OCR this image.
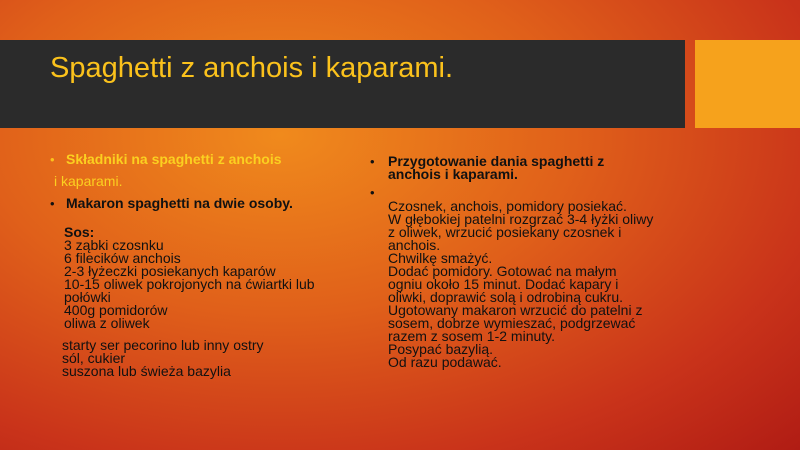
Spaghetti z anchois i kaparami.
• Składniki na spaghetti z anchois
i kaparami.
• Makaron spaghetti na dwie osoby.
Sos:
3 ząbki czosnku
6 filecików anchois
2-3 łyżeczki posiekanych kaparów
10-15 oliwek pokrojonych na ćwiartki lub
połówki
400g pomidorów
oliwa z oliwek
starty ser pecorino lub inny ostry
sól, cukier
suszona lub świeża bazylia
• Przygotowanie dania spaghetti z
anchois i kaparami.
•
Czosnek, anchois, pomidory posiekać.
W głębokiej patelni rozgrzać 3-4 łyżki oliwy
z oliwek, wrzucić posiekany czosnek i
anchois.
Chwilkę smażyć.
Dodać pomidory. Gotować na małym
ogniu około 15 minut. Dodać kapary i
oliwki, doprawić solą i odrobiną cukru.
Ugotowany makaron wrzucić do patelni z
sosem, dobrze wymieszać, podgrzewać
razem z sosem 1-2 minuty.
Posypać bazylią.
Od razu podawać.
